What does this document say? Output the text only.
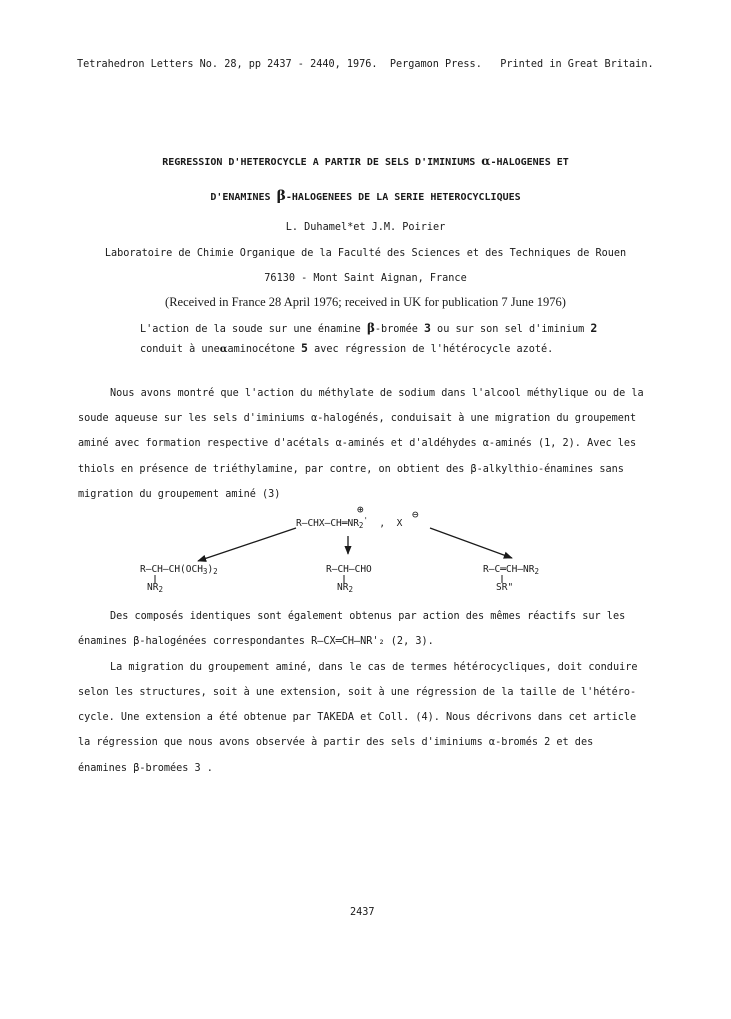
Tetrahedron Letters No. 28, pp 2437 - 2440, 1976. Pergamon Press. Printed in Great Britain.
REGRESSION D'HETEROCYCLE A PARTIR DE SELS D'IMINIUMS α-HALOGENES ET
D'ENAMINES β-HALOGENEES DE LA SERIE HETEROCYCLIQUES
L. Duhamel*et J.M. Poirier
Laboratoire de Chimie Organique de la Faculté des Sciences et des Techniques de Rouen
76130 - Mont Saint Aignan, France
(Received in France 28 April 1976; received in UK for publication 7 June 1976)
L'action de la soude sur une énamine β-bromée 3 ou sur son sel d'iminium 2
conduit à uneαaminocétone 5 avec régression de l'hétérocycle azoté.
Nous avons montré que l'action du méthylate de sodium dans l'alcool méthylique ou de la
soude aqueuse sur les sels d'iminiums α-halogénés, conduisait à une migration du groupement
aminé avec formation respective d'acétals α-aminés et d'aldéhydes α-aminés (1, 2). Avec les
thiols en présence de triéthylamine, par contre, on obtient des β-alkylthio-énamines sans
migration du groupement aminé (3)
$R—CHX—CH═NR_2'$ , X
⊕	⊖
$R—CH—CH(OCH_3)_2$
$NR_2$
R—CH—CHO
$NR_2$
$R—C═CH—NR_2$
SR"
Des composés identiques sont également obtenus par action des mêmes réactifs sur les
énamines β-halogénées correspondantes R—CX═CH—NR'₂ (2, 3).
La migration du groupement aminé, dans le cas de termes hétérocycliques, doit conduire
selon les structures, soit à une extension, soit à une régression de la taille de l'hétéro-
cycle. Une extension a été obtenue par TAKEDA et Coll. (4). Nous décrivons dans cet article
la régression que nous avons observée à partir des sels d'iminiums α-bromés 2 et des
énamines β-bromées 3 .
2437
